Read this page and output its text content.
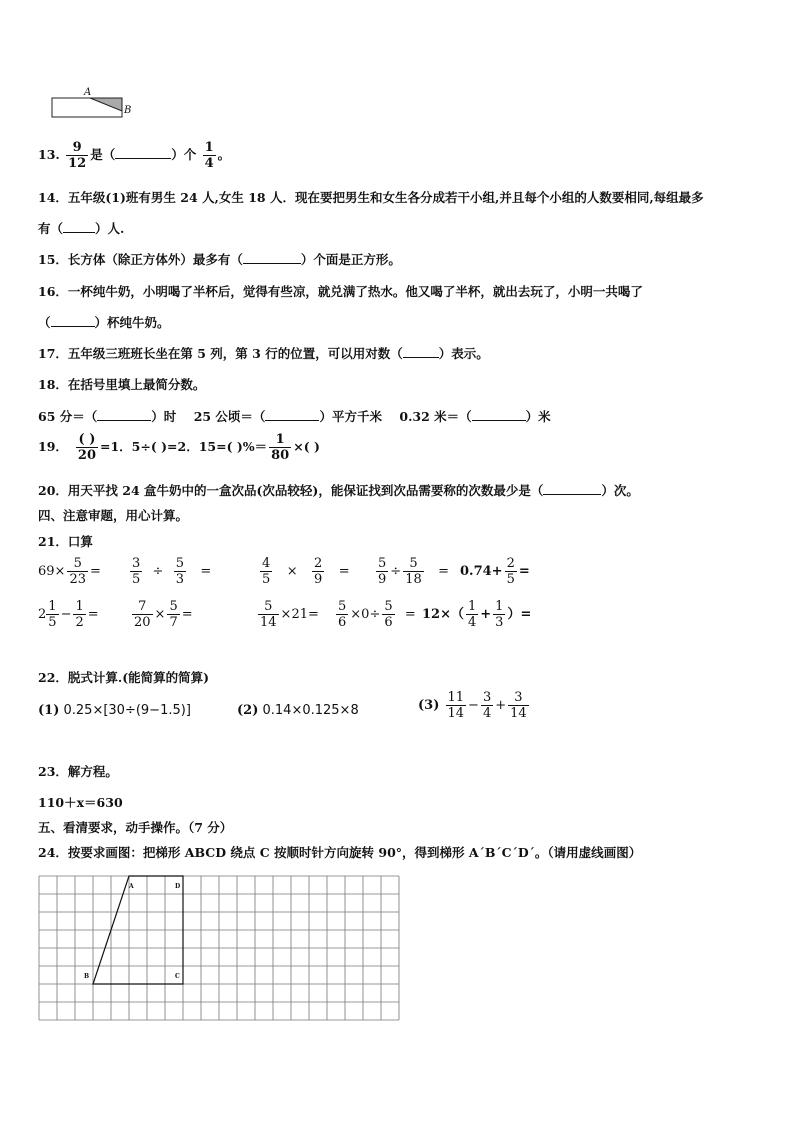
A
B
13. $\frac{9}{12}$ 是（	）个 $\frac{1}{4}$ 。
14．五年级(1)班有男生 24 人,女生 18 人．现在要把男生和女生各分成若干小组,并且每个小组的人数要相同,每组最多
有（	）人.
15．长方体（除正方体外）最多有（	）个面是正方形。
16．一杯纯牛奶，小明喝了半杯后，觉得有些凉，就兑满了热水。他又喝了半杯，就出去玩了，小明一共喝了
（	）杯纯牛奶。
17．五年级三班班长坐在第 5 列，第 3 行的位置，可以用对数（	）表示。
18．在括号里填上最简分数。
65 分＝（	）时 25 公顷＝（	）平方千米 0.32 米＝（	）米
19． $\frac{( )}{20} =1$．5÷( )=2．15=( )%＝ $\frac{1}{80}$ ×( )
20．用天平找 24 盒牛奶中的一盒次品(次品较轻)，能保证找到次品需要称的次数最少是（	）次。
四、注意审题，用心计算。
21．口算
$69\times \frac{5}{23} = \frac{3}{5} \div \frac{5}{3}$ =	$\frac{4}{5} \times \frac{2}{9} = \frac{5}{9} \div \frac{5}{18} = 0.74+ \frac{2}{5}$ =
$2 \frac{1}{5} - \frac{1}{2}$ =	$\frac{7}{20} \times \frac{5}{7}$ =	$\frac{5}{14} \times 21= \frac{5}{6} \times 0\div \frac{5}{6} = 12\times( \frac{1}{4} + \frac{1}{3}$ ）=
22．脱式计算.(能简算的简算)
(1) 0.25×[30÷(9−1.5)]	(2) 0.14×0.125×8	$(3) \frac{11}{14} - \frac{3}{4} + \frac{3}{14}$
23．解方程。
110＋x＝630
五、看清要求，动手操作。（7 分）
24．按要求画图：把梯形 ABCD 绕点 C 按顺时针方向旋转 90°，得到梯形 A´B´C´D´。（请用虚线画图）
A	D
B	C
